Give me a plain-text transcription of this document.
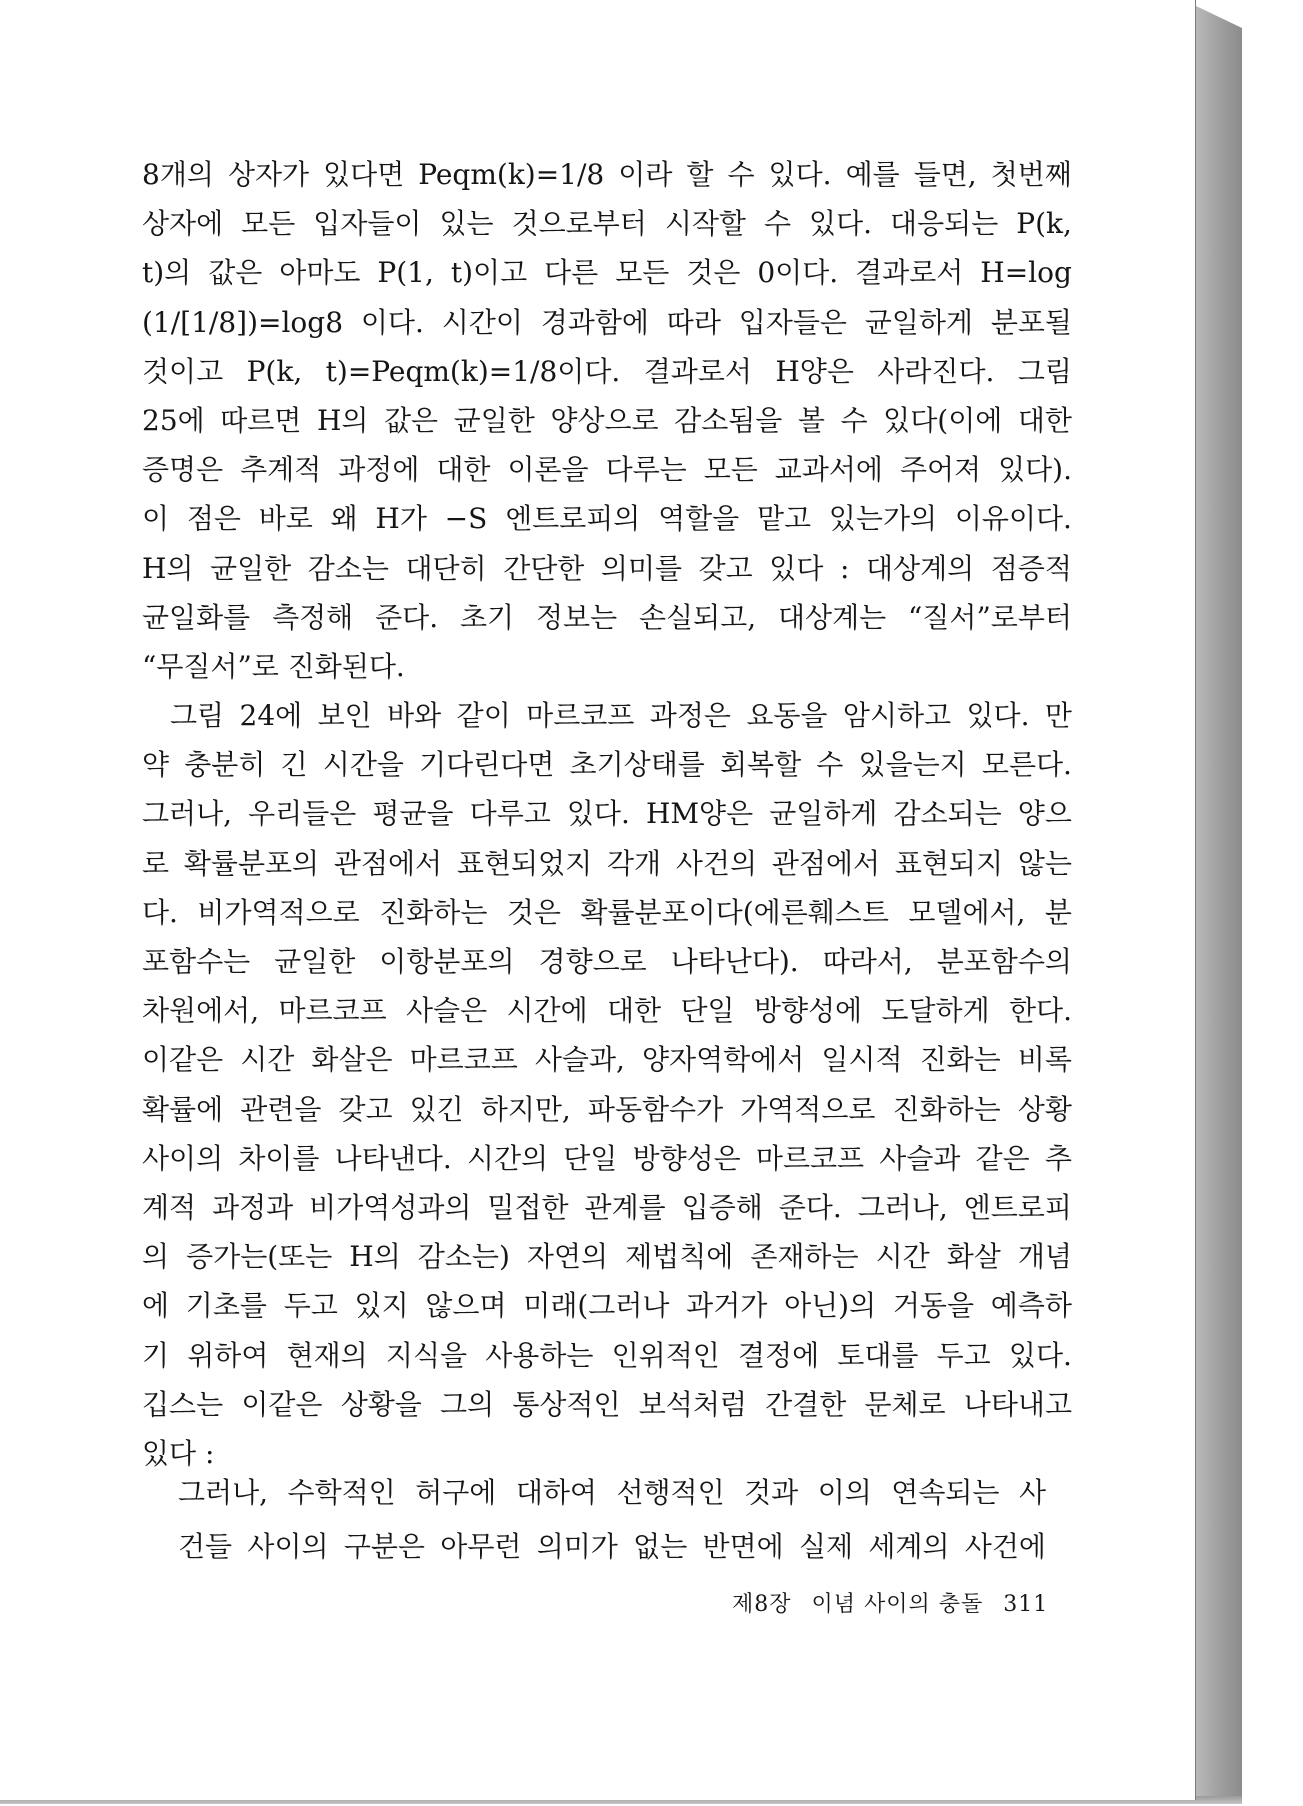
8개의 상자가 있다면 Peqm(k)=1/8 이라 할 수 있다. 예를 들면, 첫번째
상자에 모든 입자들이 있는 것으로부터 시작할 수 있다. 대응되는 P(k,
t)의 값은 아마도 P(1, t)이고 다른 모든 것은 0이다. 결과로서 H=log
(1/[1/8])=log8 이다. 시간이 경과함에 따라 입자들은 균일하게 분포될
것이고 P(k, t)=Peqm(k)=1/8이다. 결과로서 H양은 사라진다. 그림
25에 따르면 H의 값은 균일한 양상으로 감소됨을 볼 수 있다(이에 대한
증명은 추계적 과정에 대한 이론을 다루는 모든 교과서에 주어져 있다).
이 점은 바로 왜 H가 −S 엔트로피의 역할을 맡고 있는가의 이유이다.
H의 균일한 감소는 대단히 간단한 의미를 갖고 있다 : 대상계의 점증적
균일화를 측정해 준다. 초기 정보는 손실되고, 대상계는 “질서”로부터
“무질서”로 진화된다.
그림 24에 보인 바와 같이 마르코프 과정은 요동을 암시하고 있다. 만
약 충분히 긴 시간을 기다린다면 초기상태를 회복할 수 있을는지 모른다.
그러나, 우리들은 평균을 다루고 있다. HM양은 균일하게 감소되는 양으
로 확률분포의 관점에서 표현되었지 각개 사건의 관점에서 표현되지 않는
다. 비가역적으로 진화하는 것은 확률분포이다(에른훼스트 모델에서, 분
포함수는 균일한 이항분포의 경향으로 나타난다). 따라서, 분포함수의
차원에서, 마르코프 사슬은 시간에 대한 단일 방향성에 도달하게 한다.
이같은 시간 화살은 마르코프 사슬과, 양자역학에서 일시적 진화는 비록
확률에 관련을 갖고 있긴 하지만, 파동함수가 가역적으로 진화하는 상황
사이의 차이를 나타낸다. 시간의 단일 방향성은 마르코프 사슬과 같은 추
계적 과정과 비가역성과의 밀접한 관계를 입증해 준다. 그러나, 엔트로피
의 증가는(또는 H의 감소는) 자연의 제법칙에 존재하는 시간 화살 개념
에 기초를 두고 있지 않으며 미래(그러나 과거가 아닌)의 거동을 예측하
기 위하여 현재의 지식을 사용하는 인위적인 결정에 토대를 두고 있다.
깁스는 이같은 상황을 그의 통상적인 보석처럼 간결한 문체로 나타내고
있다 :
그러나, 수학적인 허구에 대하여 선행적인 것과 이의 연속되는 사
건들 사이의 구분은 아무런 의미가 없는 반면에 실제 세계의 사건에
제8장 이념 사이의 충돌 311
